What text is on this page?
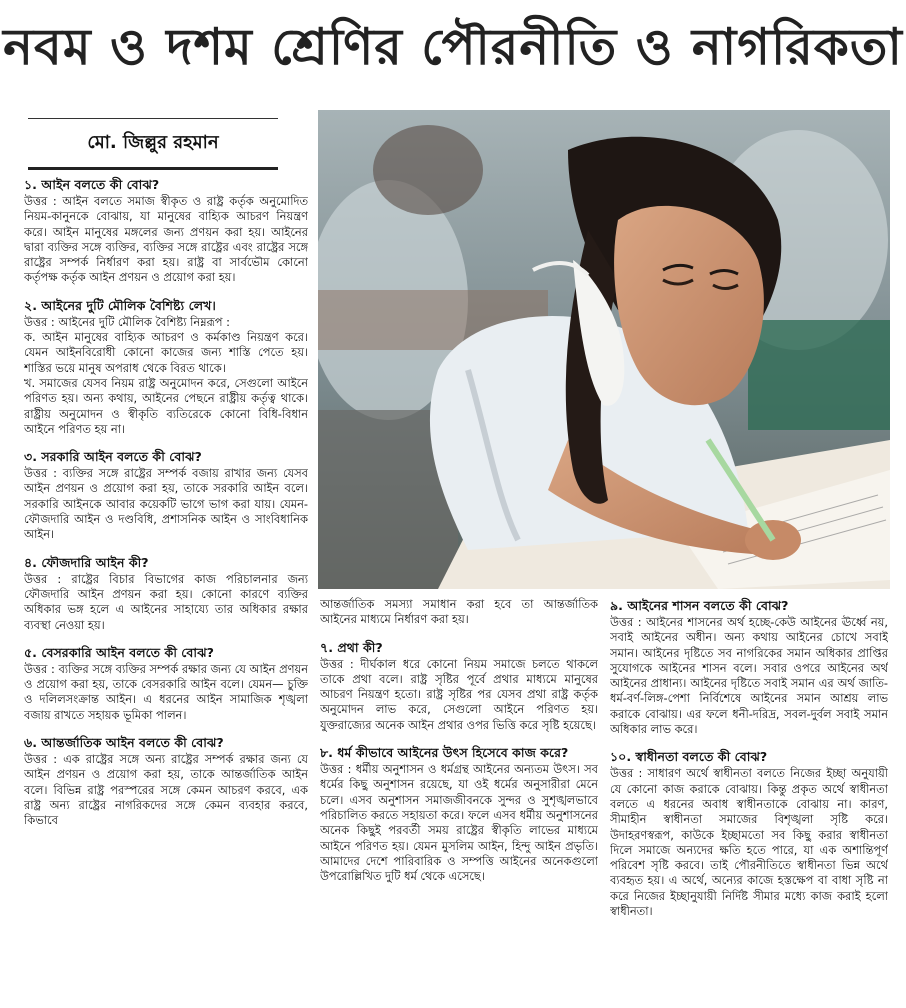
নবম ও দশম শ্রেণির পৌরনীতি ও নাগরিকতা
মো. জিল্লুর রহমান
১. আইন বলতে কী বোঝ?

উত্তর : আইন বলতে সমাজ স্বীকৃত ও রাষ্ট্র কর্তৃক অনুমোদিত নিয়ম-কানুনকে বোঝায়, যা মানুষের বাহ্যিক আচরণ নিয়ন্ত্রণ করে। আইন মানুষের মঙ্গলের জন্য প্রণয়ন করা হয়। আইনের দ্বারা ব্যক্তির সঙ্গে ব্যক্তির, ব্যক্তির সঙ্গে রাষ্ট্রের এবং রাষ্ট্রের সঙ্গে রাষ্ট্রের সম্পর্ক নির্ধারণ করা হয়। রাষ্ট্র বা সার্বভৌম কোনো কর্তৃপক্ষ কর্তৃক আইন প্রণয়ন ও প্রয়োগ করা হয়।

২. আইনের দুটি মৌলিক বৈশিষ্ট্য লেখ।

উত্তর : আইনের দুটি মৌলিক বৈশিষ্ট্য নিম্নরূপ :

ক. আইন মানুষের বাহ্যিক আচরণ ও কর্মকাণ্ড নিয়ন্ত্রণ করে। যেমন আইনবিরোধী কোনো কাজের জন্য শাস্তি পেতে হয়। শাস্তির ভয়ে মানুষ অপরাধ থেকে বিরত থাকে।

খ. সমাজের যেসব নিয়ম রাষ্ট্র অনুমোদন করে, সেগুলো আইনে পরিণত হয়। অন্য কথায়, আইনের পেছনে রাষ্ট্রীয় কর্তৃত্ব থাকে। রাষ্ট্রীয় অনুমোদন ও স্বীকৃতি ব্যতিরেকে কোনো বিধি-বিধান আইনে পরিণত হয় না।

৩. সরকারি আইন বলতে কী বোঝ?

উত্তর : ব্যক্তির সঙ্গে রাষ্ট্রের সম্পর্ক বজায় রাখার জন্য যেসব আইন প্রণয়ন ও প্রয়োগ করা হয়, তাকে সরকারি আইন বলে। সরকারি আইনকে আবার কয়েকটি ভাগে ভাগ করা যায়। যেমন-ফৌজদারি আইন ও দণ্ডবিধি, প্রশাসনিক আইন ও সাংবিধানিক আইন।

৪. ফৌজদারি আইন কী?

উত্তর : রাষ্ট্রের বিচার বিভাগের কাজ পরিচালনার জন্য ফৌজদারি আইন প্রণয়ন করা হয়। কোনো কারণে ব্যক্তির অধিকার ভঙ্গ হলে এ আইনের সাহায্যে তার অধিকার রক্ষার ব্যবস্থা নেওয়া হয়।

৫. বেসরকারি আইন বলতে কী বোঝ?

উত্তর : ব্যক্তির সঙ্গে ব্যক্তির সম্পর্ক রক্ষার জন্য যে আইন প্রণয়ন ও প্রয়োগ করা হয়, তাকে বেসরকারি আইন বলে। যেমন— চুক্তি ও দলিলসংক্রান্ত আইন। এ ধরনের আইন সামাজিক শৃঙ্খলা বজায় রাখতে সহায়ক ভূমিকা পালন।

৬. আন্তর্জাতিক আইন বলতে কী বোঝ?

উত্তর : এক রাষ্ট্রের সঙ্গে অন্য রাষ্ট্রের সম্পর্ক রক্ষার জন্য যে আইন প্রণয়ন ও প্রয়োগ করা হয়, তাকে আন্তর্জাতিক আইন বলে। বিভিন্ন রাষ্ট্র পরস্পরের সঙ্গে কেমন আচরণ করবে, এক রাষ্ট্র অন্য রাষ্ট্রের নাগরিকদের সঙ্গে কেমন ব্যবহার করবে, কিভাবে

আন্তর্জাতিক সমস্যা সমাধান করা হবে তা আন্তর্জাতিক আইনের মাধ্যমে নির্ধারণ করা হয়।

৭. প্রথা কী?

উত্তর : দীর্ঘকাল ধরে কোনো নিয়ম সমাজে চলতে থাকলে তাকে প্রথা বলে। রাষ্ট্র সৃষ্টির পূর্বে প্রথার মাধ্যমে মানুষের আচরণ নিয়ন্ত্রণ হতো। রাষ্ট্র সৃষ্টির পর যেসব প্রথা রাষ্ট্র কর্তৃক অনুমোদন লাভ করে, সেগুলো আইনে পরিণত হয়। যুক্তরাজ্যের অনেক আইন প্রথার ওপর ভিত্তি করে সৃষ্টি হয়েছে।

৮. ধর্ম কীভাবে আইনের উৎস হিসেবে কাজ করে?

উত্তর : ধর্মীয় অনুশাসন ও ধর্মগ্রন্থ আইনের অন্যতম উৎস। সব ধর্মের কিছু অনুশাসন রয়েছে, যা ওই ধর্মের অনুসারীরা মেনে চলে। এসব অনুশাসন সমাজজীবনকে সুন্দর ও সুশৃঙ্খলভাবে পরিচালিত করতে সহায়তা করে। ফলে এসব ধর্মীয় অনুশাসনের অনেক কিছুই পরবর্তী সময় রাষ্ট্রের স্বীকৃতি লাভের মাধ্যমে আইনে পরিণত হয়। যেমন মুসলিম আইন, হিন্দু আইন প্রভৃতি। আমাদের দেশে পারিবারিক ও সম্পত্তি আইনের অনেকগুলো উপরোল্লিখিত দুটি ধর্ম থেকে এসেছে।

৯. আইনের শাসন বলতে কী বোঝ?

উত্তর : আইনের শাসনের অর্থ হচ্ছে-কেউ আইনের ঊর্ধ্বে নয়, সবাই আইনের অধীন। অন্য কথায় আইনের চোখে সবাই সমান। আইনের দৃষ্টিতে সব নাগরিকের সমান অধিকার প্রাপ্তির সুযোগকে আইনের শাসন বলে। সবার ওপরে আইনের অর্থ আইনের প্রাধান্য। আইনের দৃষ্টিতে সবাই সমান এর অর্থ জাতি-ধর্ম-বর্ণ-লিঙ্গ-পেশা নির্বিশেষে আইনের সমান আশ্রয় লাভ করাকে বোঝায়। এর ফলে ধনী-দরিদ্র, সবল-দুর্বল সবাই সমান অধিকার লাভ করে।

১০. স্বাধীনতা বলতে কী বোঝ?

উত্তর : সাধারণ অর্থে স্বাধীনতা বলতে নিজের ইচ্ছা অনুযায়ী যে কোনো কাজ করাকে বোঝায়। কিন্তু প্রকৃত অর্থে স্বাধীনতা বলতে এ ধরনের অবাধ স্বাধীনতাকে বোঝায় না। কারণ, সীমাহীন স্বাধীনতা সমাজের বিশৃঙ্খলা সৃষ্টি করে। উদাহরণস্বরূপ, কাউকে ইচ্ছামতো সব কিছু করার স্বাধীনতা দিলে সমাজে অন্যদের ক্ষতি হতে পারে, যা এক অশান্তিপূর্ণ পরিবেশ সৃষ্টি করবে। তাই পৌরনীতিতে স্বাধীনতা ভিন্ন অর্থে ব্যবহৃত হয়। এ অর্থে, অন্যের কাজে হস্তক্ষেপ বা বাধা সৃষ্টি না করে নিজের ইচ্ছানুযায়ী নির্দিষ্ট সীমার মধ্যে কাজ করাই হলো স্বাধীনতা।
